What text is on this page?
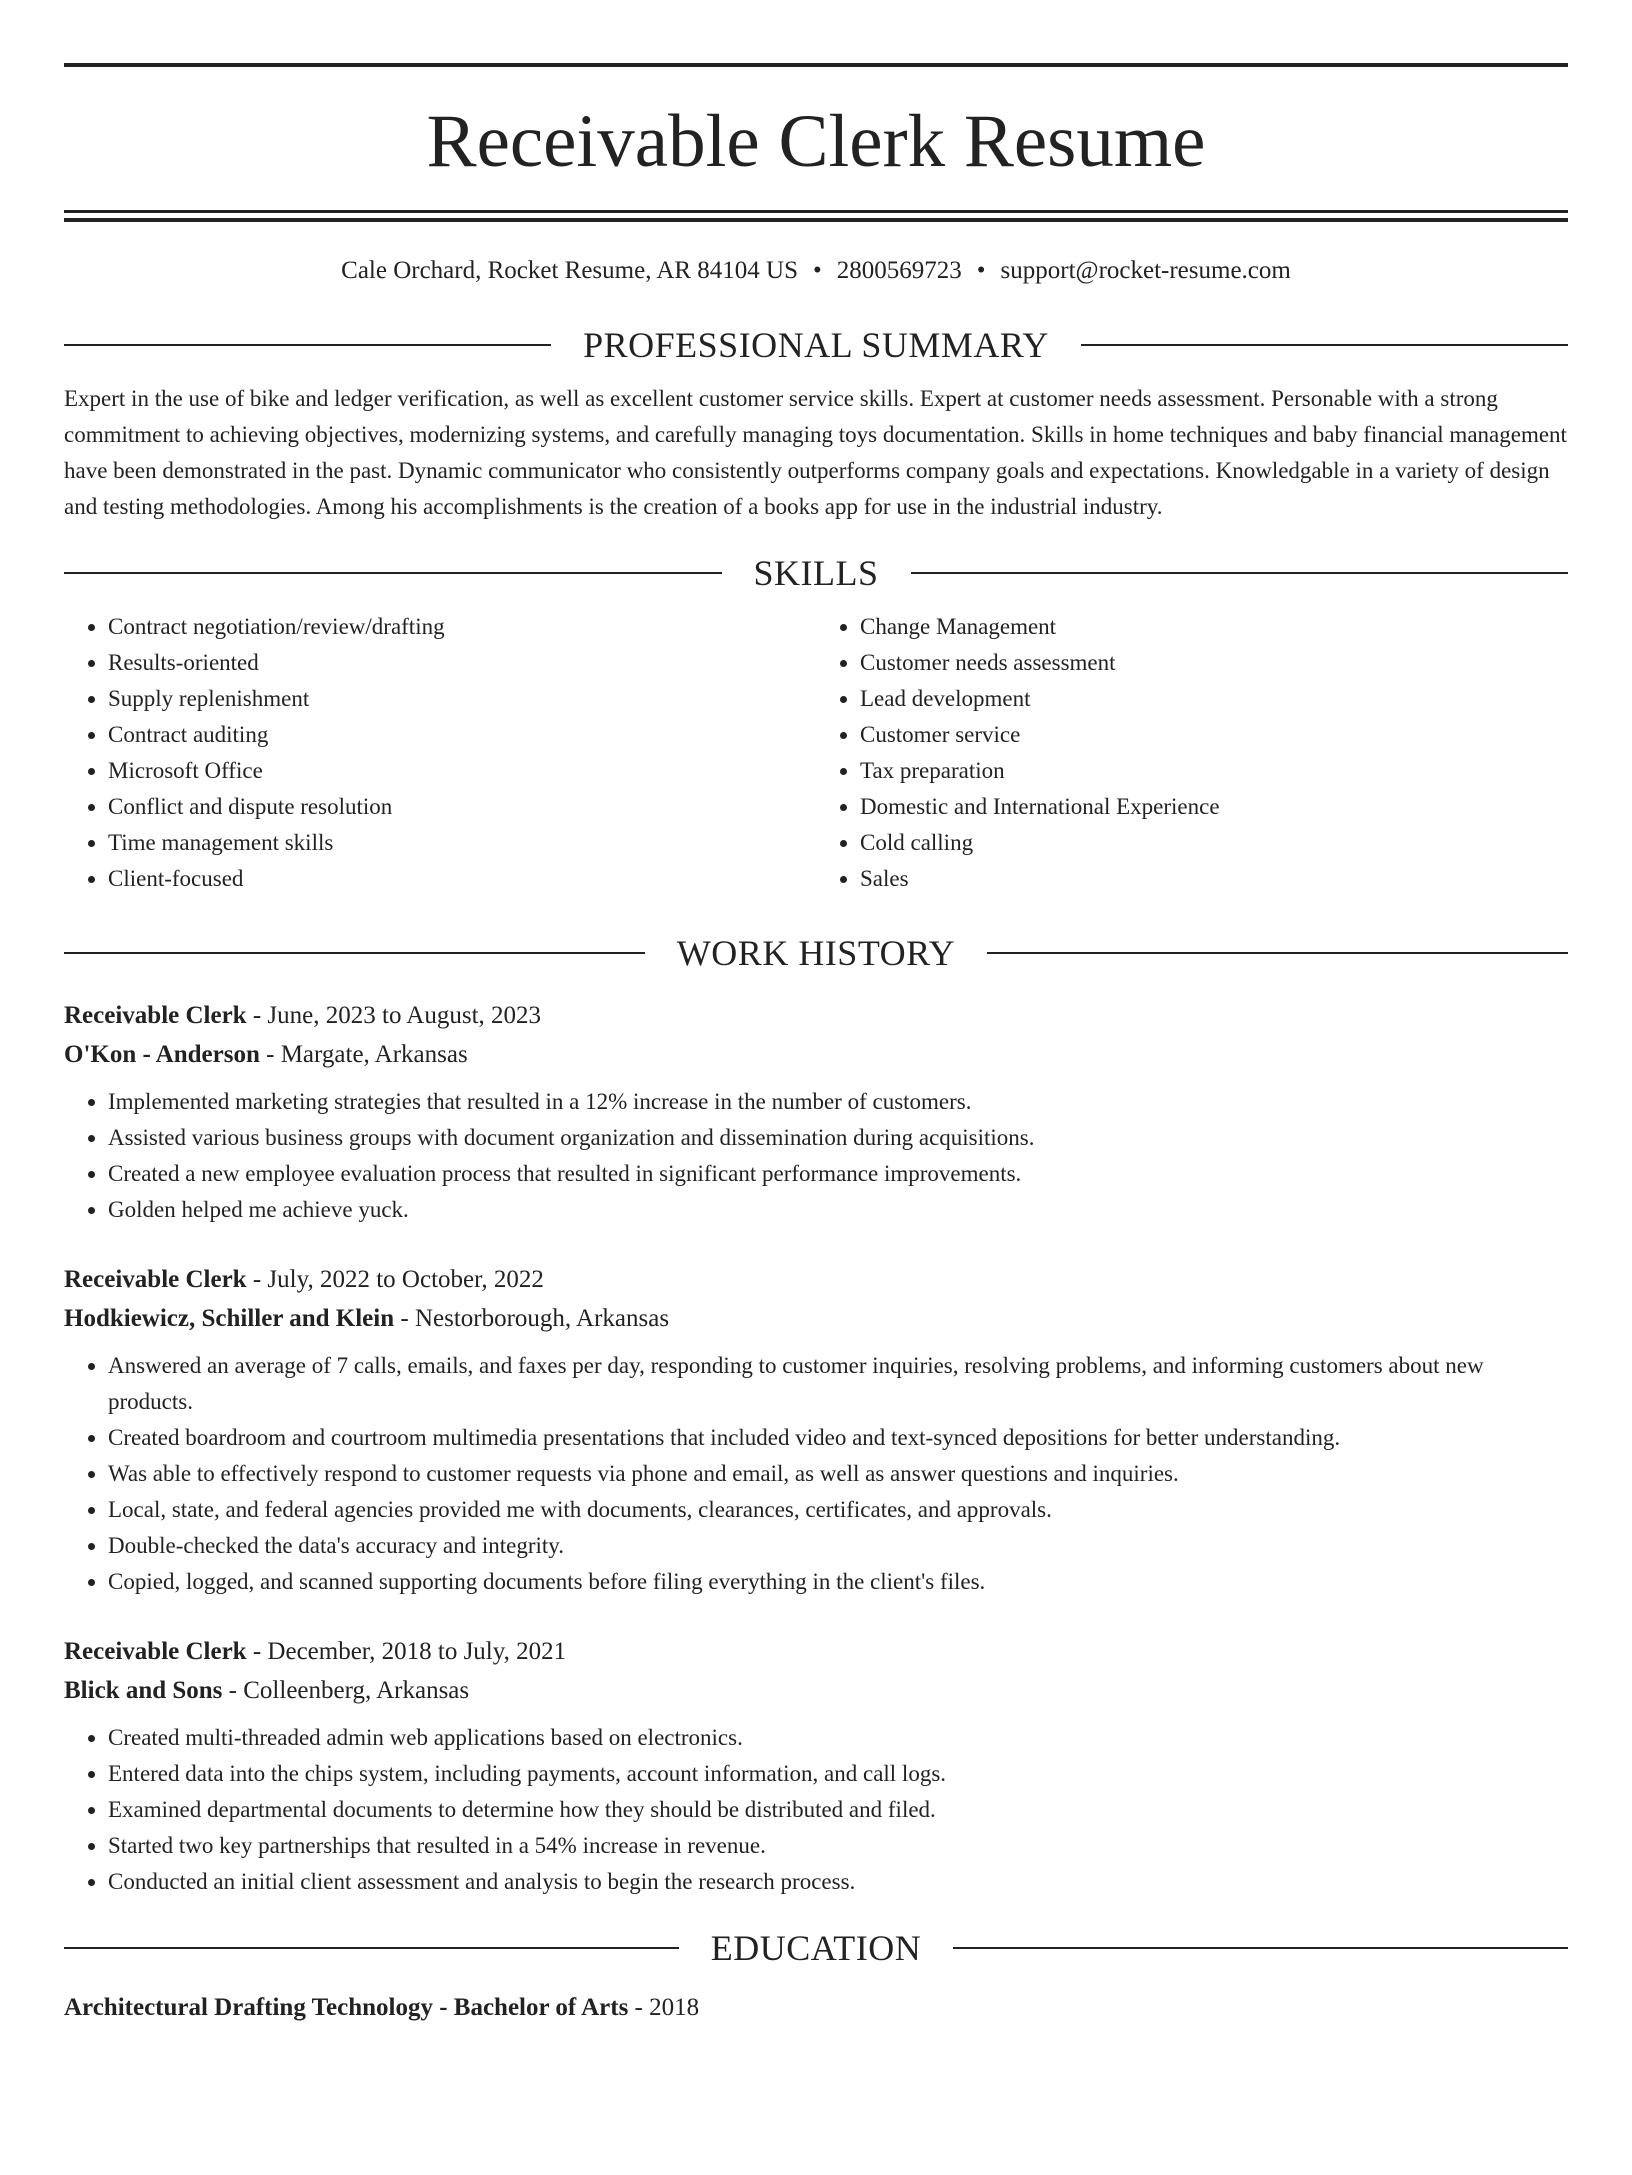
Receivable Clerk Resume
Cale Orchard, Rocket Resume, AR 84104 US • 2800569723 • support@rocket-resume.com
PROFESSIONAL SUMMARY

Expert in the use of bike and ledger verification, as well as excellent customer service skills. Expert at customer needs assessment. Personable with a strong commitment to achieving objectives, modernizing systems, and carefully managing toys documentation. Skills in home techniques and baby financial management have been demonstrated in the past. Dynamic communicator who consistently outperforms company goals and expectations. Knowledgable in a variety of design and testing methodologies. Among his accomplishments is the creation of a books app for use in the industrial industry.

SKILLS
• Contract negotiation/review/drafting
• Results-oriented
• Supply replenishment
• Contract auditing
• Microsoft Office
• Conflict and dispute resolution
• Time management skills
• Client-focused
• Change Management
• Customer needs assessment
• Lead development
• Customer service
• Tax preparation
• Domestic and International Experience
• Cold calling
• Sales
WORK HISTORY
Receivable Clerk - June, 2023 to August, 2023
O'Kon - Anderson - Margate, Arkansas
• Implemented marketing strategies that resulted in a 12% increase in the number of customers.
• Assisted various business groups with document organization and dissemination during acquisitions.
• Created a new employee evaluation process that resulted in significant performance improvements.
• Golden helped me achieve yuck.
Receivable Clerk - July, 2022 to October, 2022
Hodkiewicz, Schiller and Klein - Nestorborough, Arkansas
• Answered an average of 7 calls, emails, and faxes per day, responding to customer inquiries, resolving problems, and informing customers about new products.
• Created boardroom and courtroom multimedia presentations that included video and text-synced depositions for better understanding.
• Was able to effectively respond to customer requests via phone and email, as well as answer questions and inquiries.
• Local, state, and federal agencies provided me with documents, clearances, certificates, and approvals.
• Double-checked the data's accuracy and integrity.
• Copied, logged, and scanned supporting documents before filing everything in the client's files.
Receivable Clerk - December, 2018 to July, 2021
Blick and Sons - Colleenberg, Arkansas
• Created multi-threaded admin web applications based on electronics.
• Entered data into the chips system, including payments, account information, and call logs.
• Examined departmental documents to determine how they should be distributed and filed.
• Started two key partnerships that resulted in a 54% increase in revenue.
• Conducted an initial client assessment and analysis to begin the research process.
EDUCATION
Architectural Drafting Technology - Bachelor of Arts - 2018
